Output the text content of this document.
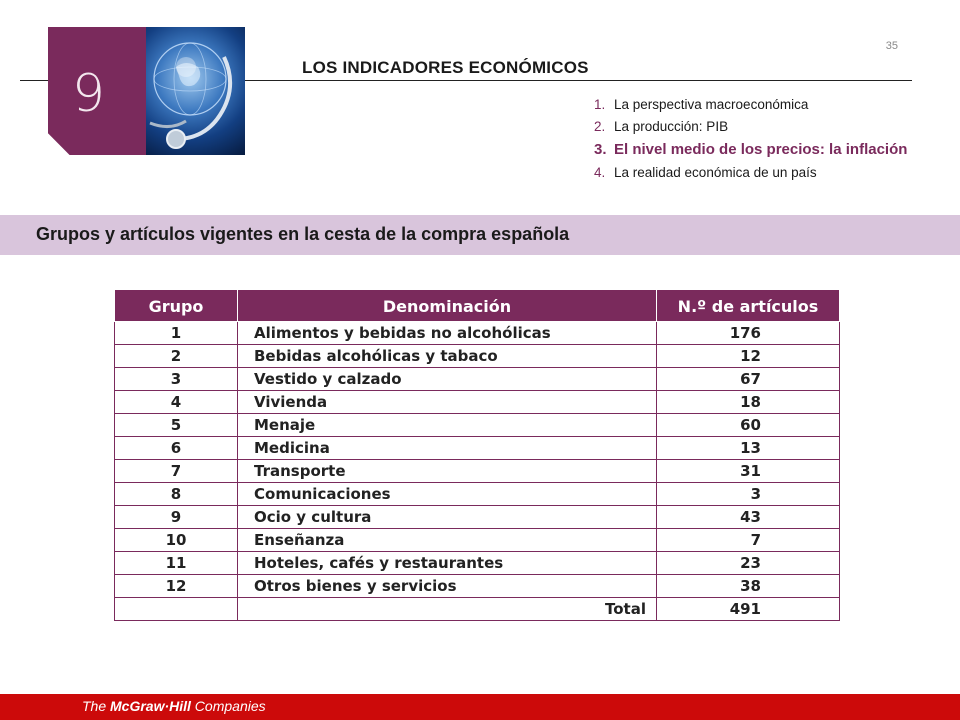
35
9	LOS INDICADORES ECONÓMICOS
1. La perspectiva macroeconómica
2. La producción: PIB
3. El nivel medio de los precios: la inflación
4. La realidad económica de un país
Grupos y artículos vigentes en la cesta de la compra española
Grupo	Denominación	N.º de artículos
1	Alimentos y bebidas no alcohólicas	176
2	Bebidas alcohólicas y tabaco	12
3	Vestido y calzado	67
4	Vivienda	18
5	Menaje	60
6	Medicina	13
7	Transporte	31
8	Comunicaciones	3
9	Ocio y cultura	43
10	Enseñanza	7
11	Hoteles, cafés y restaurantes	23
12	Otros bienes y servicios	38
	Total	491
The McGraw·Hill Companies
